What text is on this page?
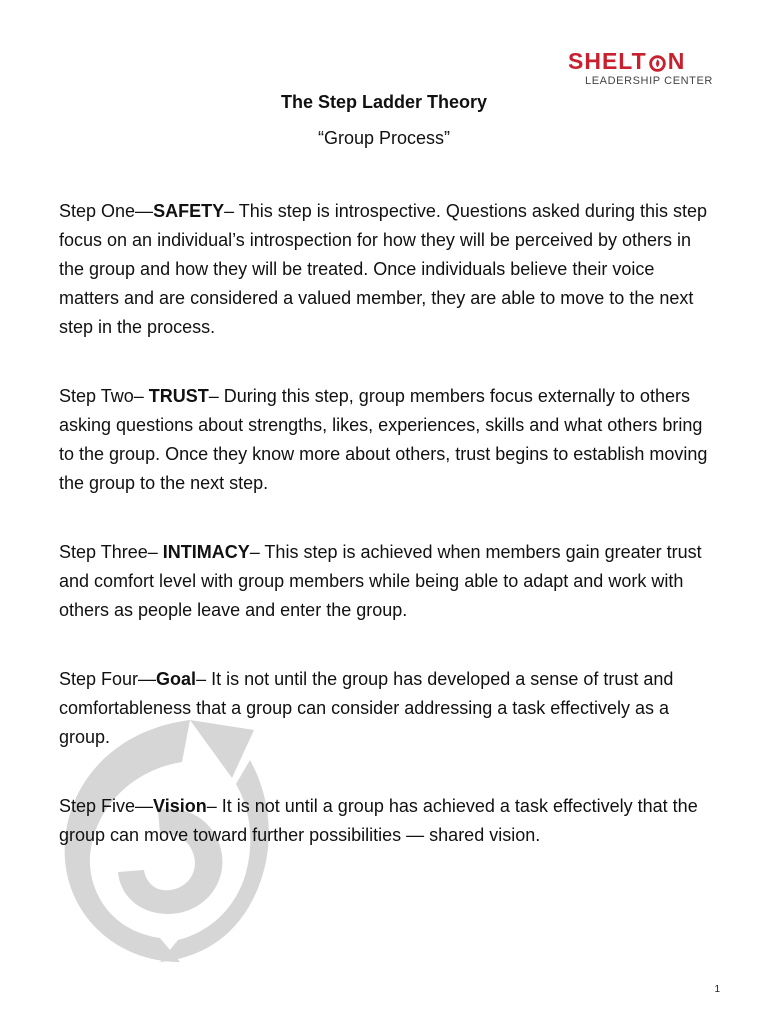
SHELT N
LEADERSHIP CENTER
The Step Ladder Theory
“Group Process”

Step One—SAFETY– This step is introspective. Questions asked during this step focus on an individual’s introspection for how they will be perceived by others in the group and how they will be treated. Once individuals believe their voice matters and are considered a valued member, they are able to move to the next step in the process.

Step Two– TRUST– During this step, group members focus externally to others asking questions about strengths, likes, experiences, skills and what others bring to the group. Once they know more about others, trust begins to establish moving the group to the next step.

Step Three– INTIMACY– This step is achieved when members gain greater trust and comfort level with group members while being able to adapt and work with others as people leave and enter the group.

Step Four—Goal– It is not until the group has developed a sense of trust and comfortableness that a group can consider addressing a task effectively as a group.

Step Five—Vision– It is not until a group has achieved a task effectively that the group can move toward further possibilities — shared vision.

1
